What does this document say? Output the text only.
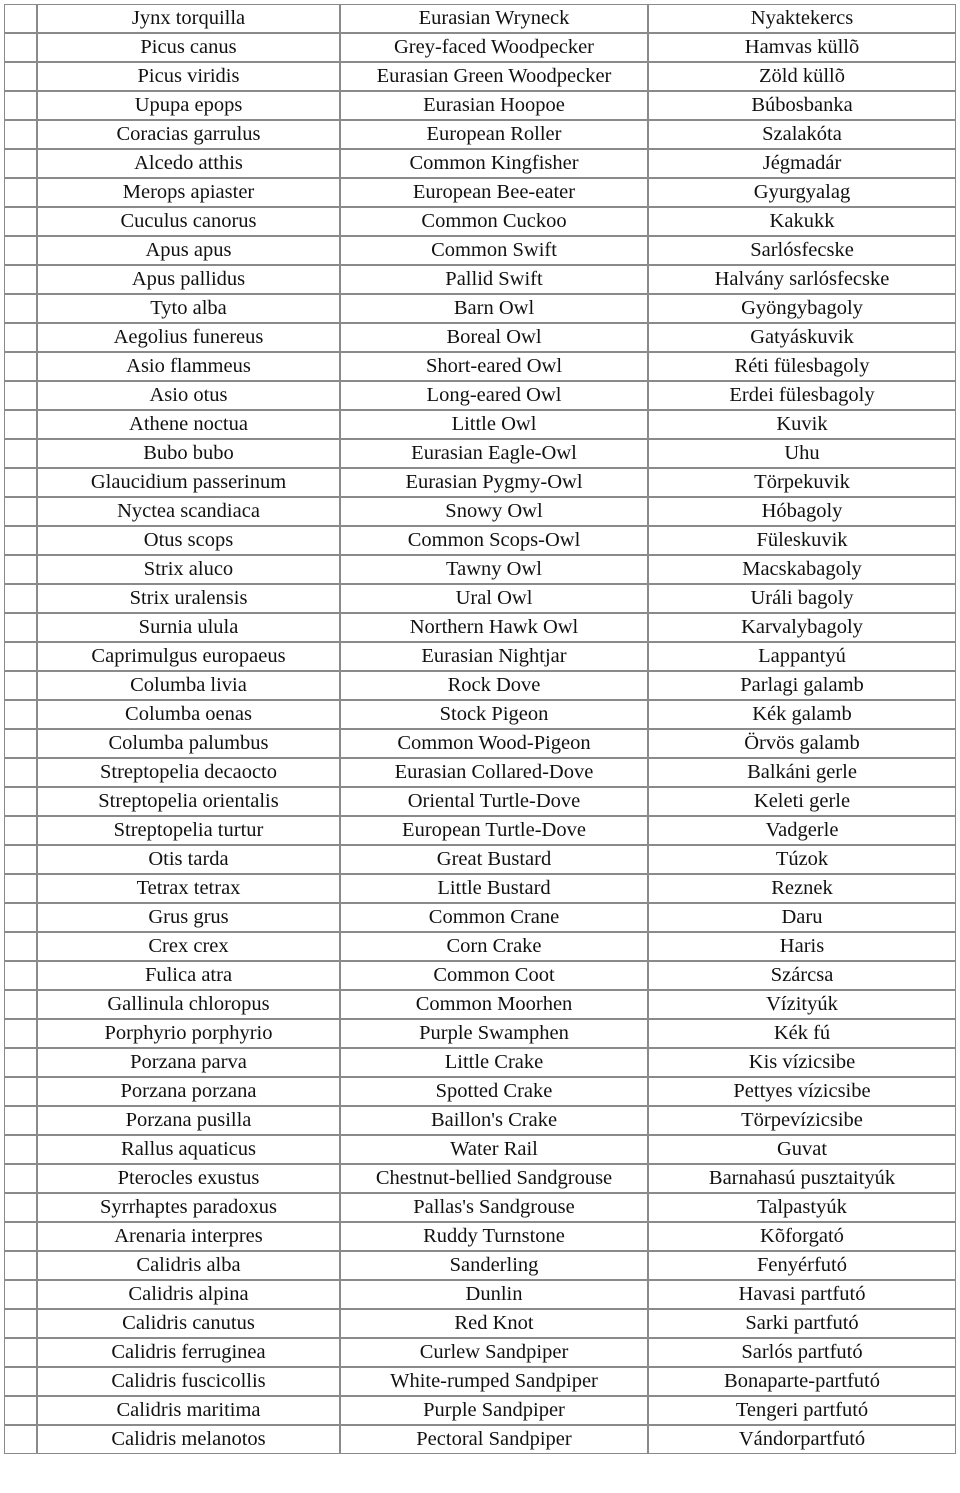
	Jynx torquilla	Eurasian Wryneck	Nyaktekercs
	Picus canus	Grey-faced Woodpecker	Hamvas küllõ
	Picus viridis	Eurasian Green Woodpecker	Zöld küllõ
	Upupa epops	Eurasian Hoopoe	Búbosbanka
	Coracias garrulus	European Roller	Szalakóta
	Alcedo atthis	Common Kingfisher	Jégmadár
	Merops apiaster	European Bee-eater	Gyurgyalag
	Cuculus canorus	Common Cuckoo	Kakukk
	Apus apus	Common Swift	Sarlósfecske
	Apus pallidus	Pallid Swift	Halvány sarlósfecske
	Tyto alba	Barn Owl	Gyöngybagoly
	Aegolius funereus	Boreal Owl	Gatyáskuvik
	Asio flammeus	Short-eared Owl	Réti fülesbagoly
	Asio otus	Long-eared Owl	Erdei fülesbagoly
	Athene noctua	Little Owl	Kuvik
	Bubo bubo	Eurasian Eagle-Owl	Uhu
	Glaucidium passerinum	Eurasian Pygmy-Owl	Törpekuvik
	Nyctea scandiaca	Snowy Owl	Hóbagoly
	Otus scops	Common Scops-Owl	Füleskuvik
	Strix aluco	Tawny Owl	Macskabagoly
	Strix uralensis	Ural Owl	Uráli bagoly
	Surnia ulula	Northern Hawk Owl	Karvalybagoly
	Caprimulgus europaeus	Eurasian Nightjar	Lappantyú
	Columba livia	Rock Dove	Parlagi galamb
	Columba oenas	Stock Pigeon	Kék galamb
	Columba palumbus	Common Wood-Pigeon	Örvös galamb
	Streptopelia decaocto	Eurasian Collared-Dove	Balkáni gerle
	Streptopelia orientalis	Oriental Turtle-Dove	Keleti gerle
	Streptopelia turtur	European Turtle-Dove	Vadgerle
	Otis tarda	Great Bustard	Túzok
	Tetrax tetrax	Little Bustard	Reznek
	Grus grus	Common Crane	Daru
	Crex crex	Corn Crake	Haris
	Fulica atra	Common Coot	Szárcsa
	Gallinula chloropus	Common Moorhen	Vízityúk
	Porphyrio porphyrio	Purple Swamphen	Kék fú
	Porzana parva	Little Crake	Kis vízicsibe
	Porzana porzana	Spotted Crake	Pettyes vízicsibe
	Porzana pusilla	Baillon's Crake	Törpevízicsibe
	Rallus aquaticus	Water Rail	Guvat
	Pterocles exustus	Chestnut-bellied Sandgrouse	Barnahasú pusztaityúk
	Syrrhaptes paradoxus	Pallas's Sandgrouse	Talpastyúk
	Arenaria interpres	Ruddy Turnstone	Kõforgató
	Calidris alba	Sanderling	Fenyérfutó
	Calidris alpina	Dunlin	Havasi partfutó
	Calidris canutus	Red Knot	Sarki partfutó
	Calidris ferruginea	Curlew Sandpiper	Sarlós partfutó
	Calidris fuscicollis	White-rumped Sandpiper	Bonaparte-partfutó
	Calidris maritima	Purple Sandpiper	Tengeri partfutó
	Calidris melanotos	Pectoral Sandpiper	Vándorpartfutó
